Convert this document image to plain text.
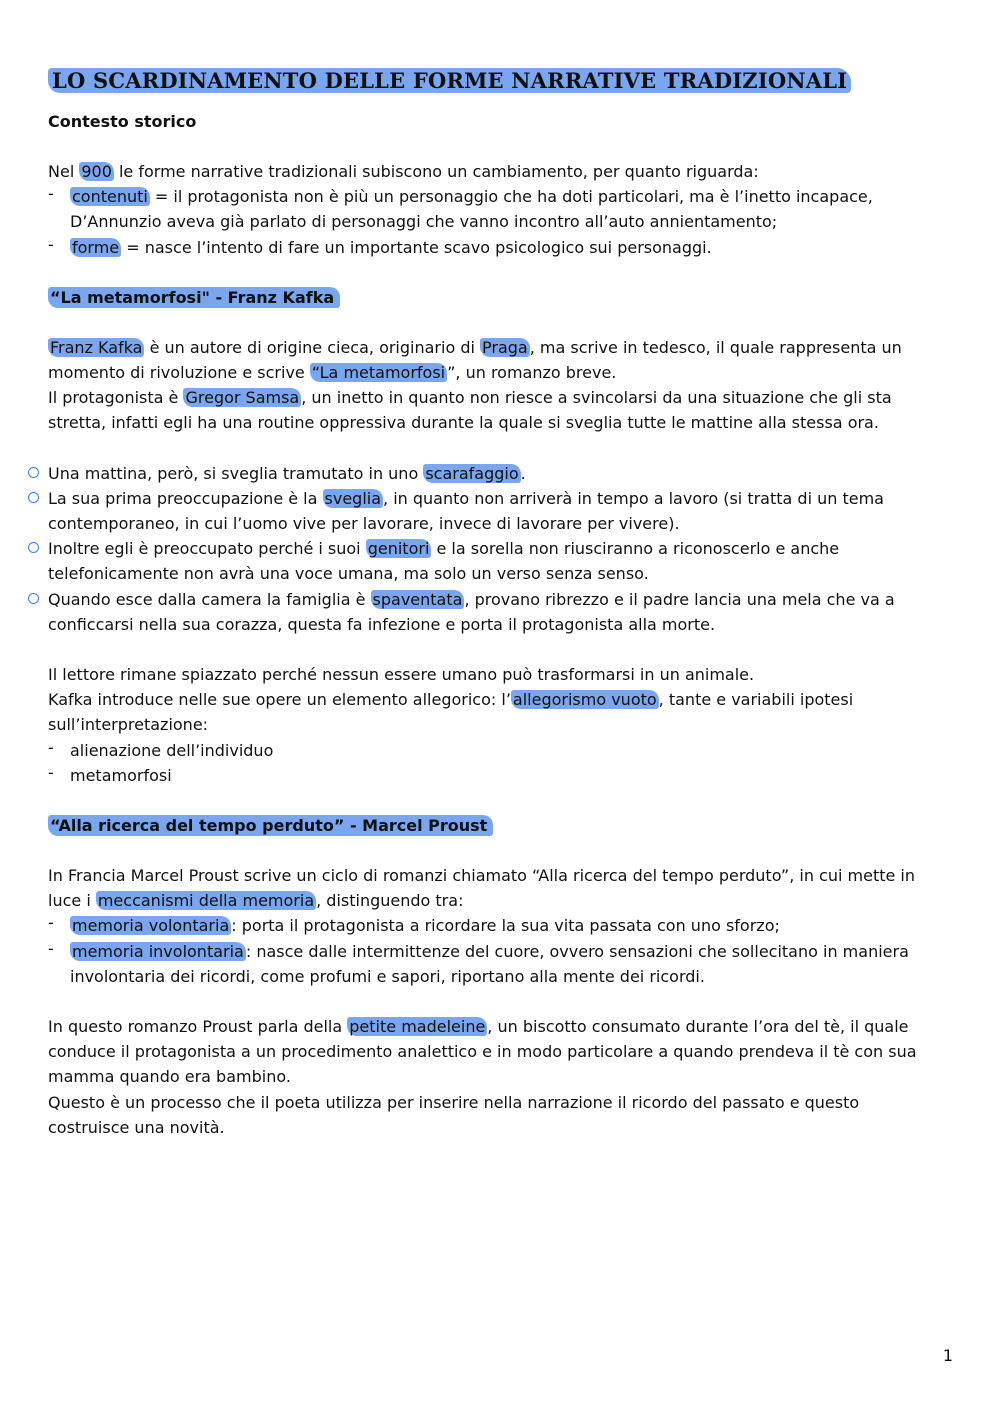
LO SCARDINAMENTO DELLE FORME NARRATIVE TRADIZIONALI
Contesto storico

Nel 900 le forme narrative tradizionali subiscono un cambiamento, per quanto riguarda:

- contenuti = il protagonista non è più un personaggio che ha doti particolari, ma è l’inetto incapace, D’Annunzio aveva già parlato di personaggi che vanno incontro all’auto annientamento;
- forme = nasce l’intento di fare un importante scavo psicologico sui personaggi.
“La metamorfosi" - Franz Kafka

Franz Kafka è un autore di origine cieca, originario di Praga , ma scrive in tedesco, il quale rappresenta un momento di rivoluzione e scrive “La metamorfosi ”, un romanzo breve.

Il protagonista è Gregor Samsa , un inetto in quanto non riesce a svincolarsi da una situazione che gli sta stretta, infatti egli ha una routine oppressiva durante la quale si sveglia tutte le mattine alla stessa ora.

Una mattina, però, si sveglia tramutato in uno scarafaggio .
La sua prima preoccupazione è la sveglia , in quanto non arriverà in tempo a lavoro (si tratta di un tema contemporaneo, in cui l’uomo vive per lavorare, invece di lavorare per vivere).
Inoltre egli è preoccupato perché i suoi genitori e la sorella non riusciranno a riconoscerlo e anche telefonicamente non avrà una voce umana, ma solo un verso senza senso.
Quando esce dalla camera la famiglia è spaventata , provano ribrezzo e il padre lancia una mela che va a conficcarsi nella sua corazza, questa fa infezione e porta il protagonista alla morte.

Il lettore rimane spiazzato perché nessun essere umano può trasformarsi in un animale.

Kafka introduce nelle sue opere un elemento allegorico: l’ allegorismo vuoto , tante e variabili ipotesi sull’interpretazione:

- alienazione dell’individuo
- metamorfosi
“Alla ricerca del tempo perduto” - Marcel Proust

In Francia Marcel Proust scrive un ciclo di romanzi chiamato “Alla ricerca del tempo perduto”, in cui mette in luce i meccanismi della memoria , distinguendo tra:

- memoria volontaria : porta il protagonista a ricordare la sua vita passata con uno sforzo;
- memoria involontaria : nasce dalle intermittenze del cuore, ovvero sensazioni che sollecitano in maniera involontaria dei ricordi, come profumi e sapori, riportano alla mente dei ricordi.

In questo romanzo Proust parla della petite madeleine , un biscotto consumato durante l’ora del tè, il quale conduce il protagonista a un procedimento analettico e in modo particolare a quando prendeva il tè con sua mamma quando era bambino.

Questo è un processo che il poeta utilizza per inserire nella narrazione il ricordo del passato e questo costruisce una novità.

1
